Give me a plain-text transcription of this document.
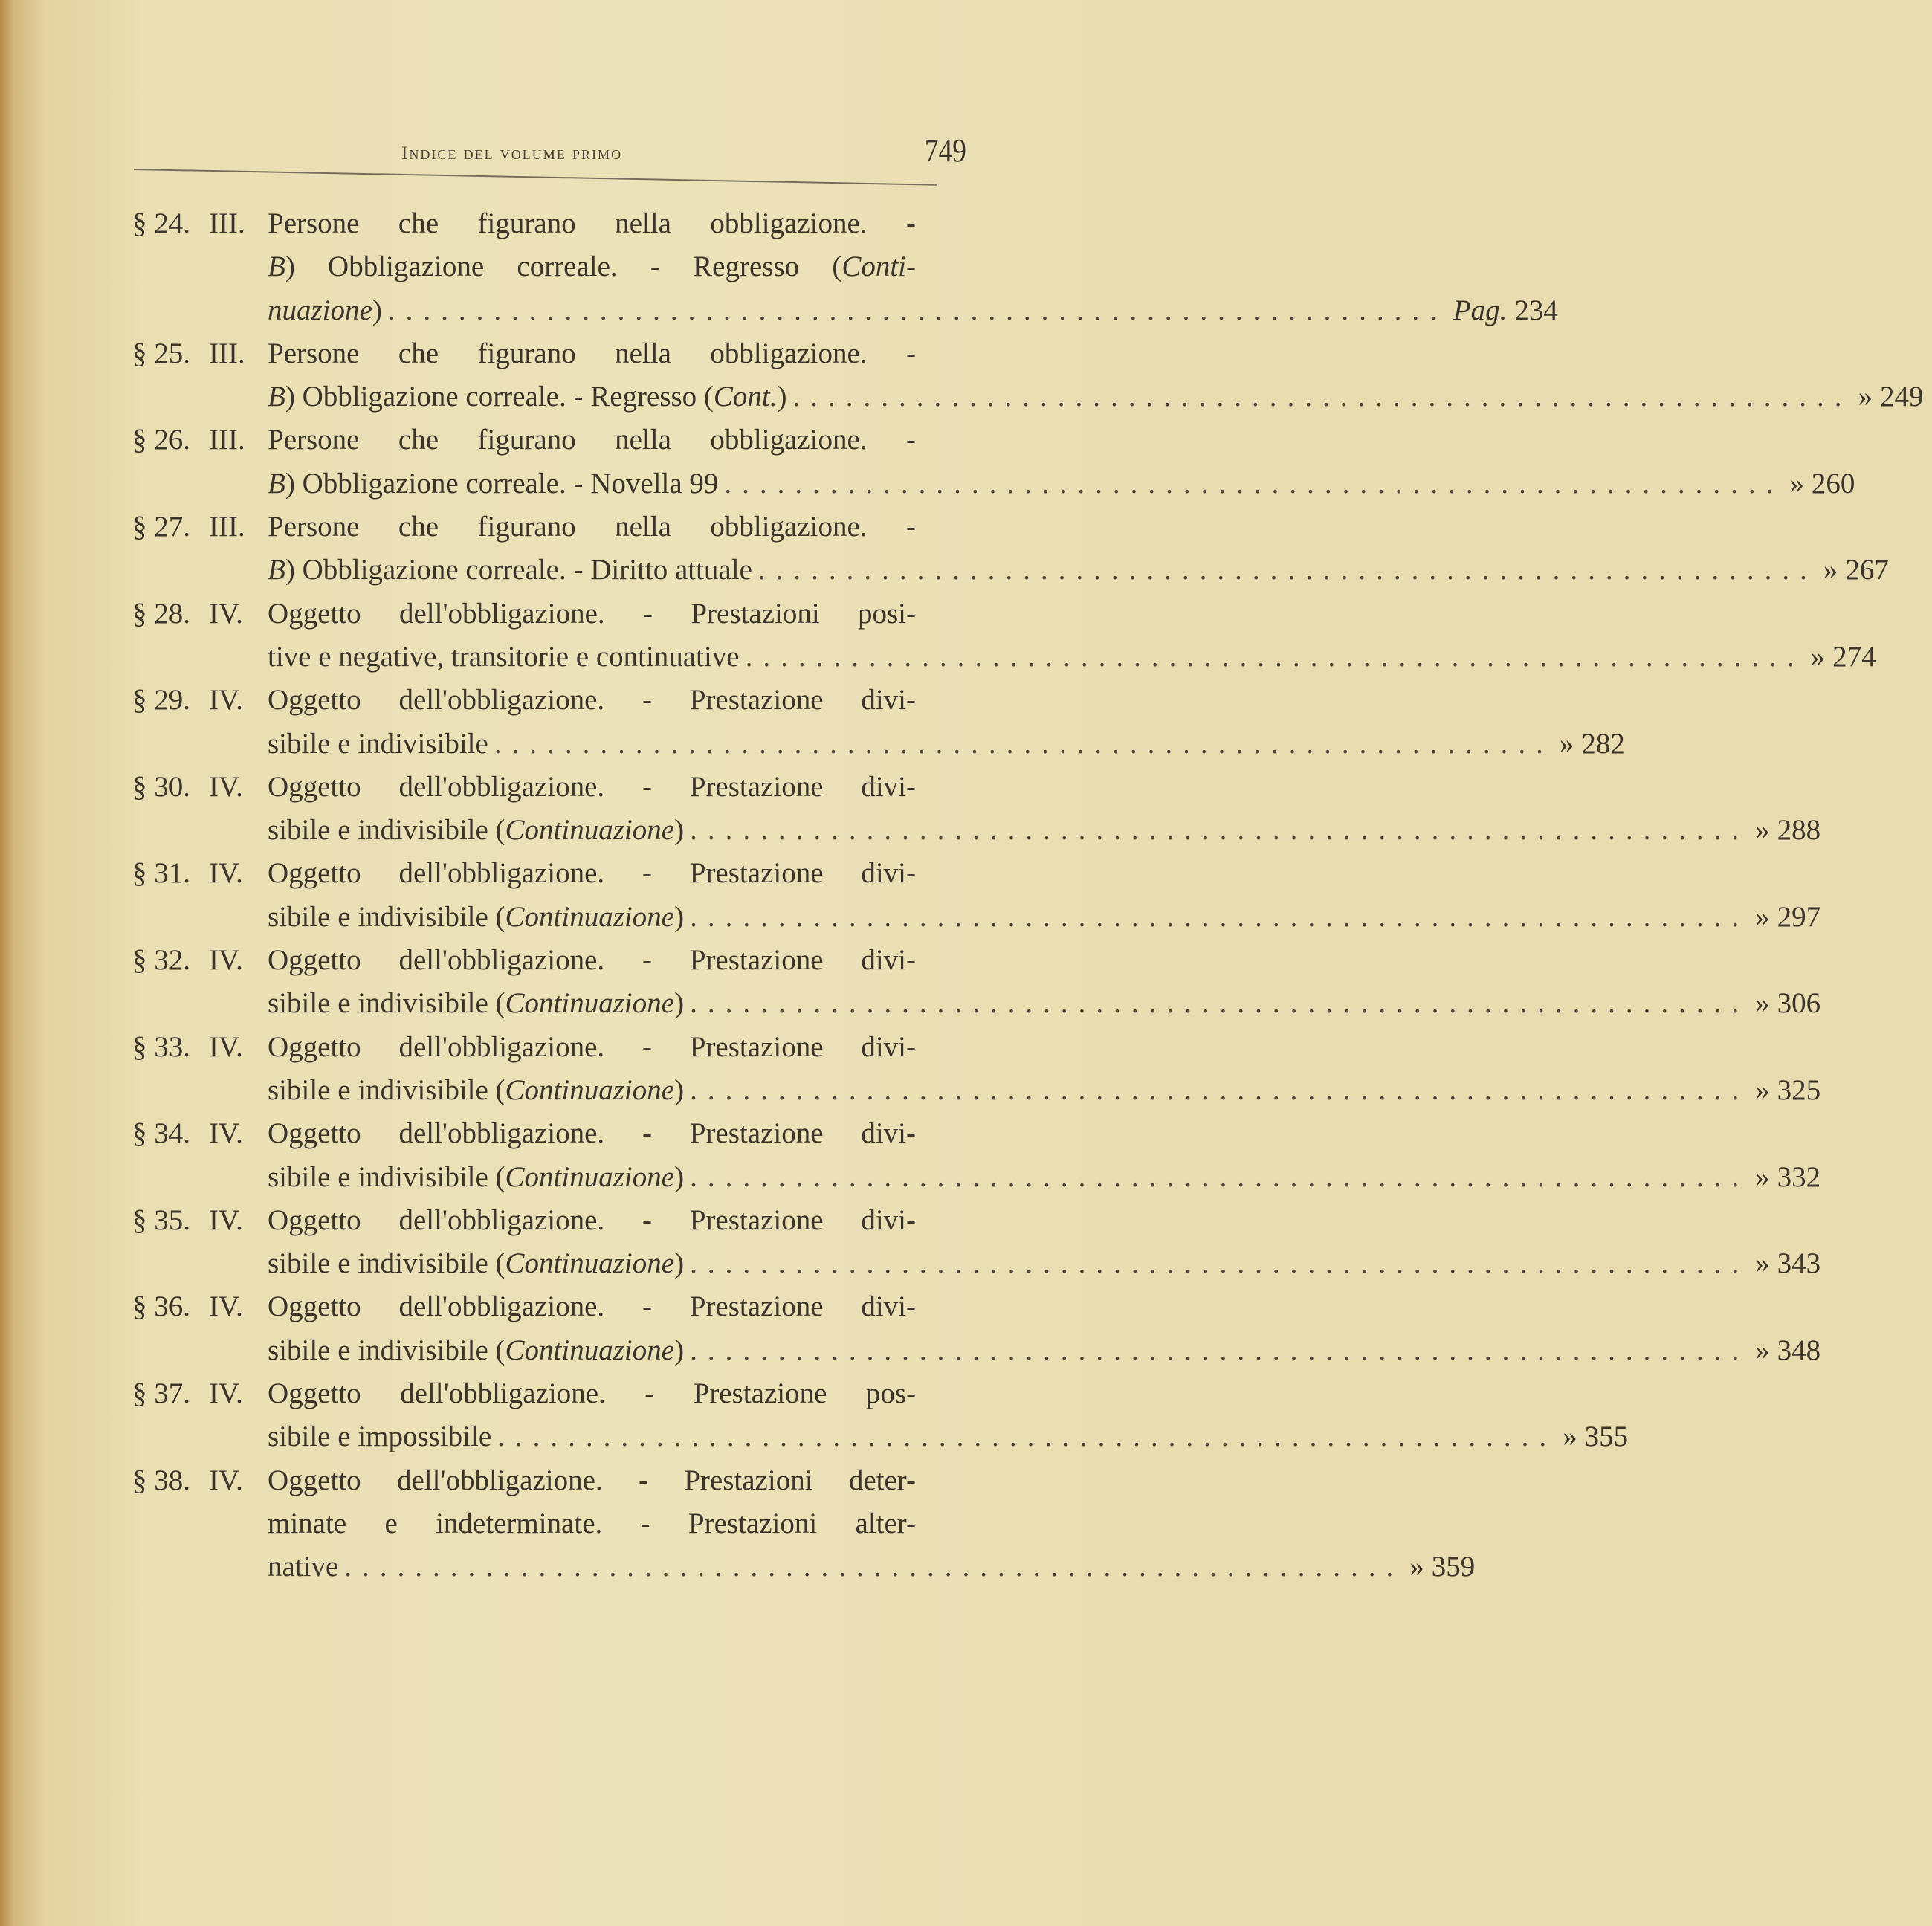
Indice del volume primo	749
§ 24. III. Persone che figurano nella obbligazione. -
B) Obbligazione correale. - Regresso (Conti-
nuazione) ............................................................ Pag. 234
§ 25. III. Persone che figurano nella obbligazione. -
B) Obbligazione correale. - Regresso (Cont.) ............................................................ » 249
§ 26. III. Persone che figurano nella obbligazione. -
B) Obbligazione correale. - Novella 99 ............................................................ » 260
§ 27. III. Persone che figurano nella obbligazione. -
B) Obbligazione correale. - Diritto attuale ............................................................ » 267
§ 28. IV. Oggetto dell'obbligazione. - Prestazioni posi-
tive e negative, transitorie e continuative ............................................................ » 274
§ 29. IV. Oggetto dell'obbligazione. - Prestazione divi-
sibile e indivisibile ............................................................ » 282
§ 30. IV. Oggetto dell'obbligazione. - Prestazione divi-
sibile e indivisibile (Continuazione) ............................................................ » 288
§ 31. IV. Oggetto dell'obbligazione. - Prestazione divi-
sibile e indivisibile (Continuazione) ............................................................ » 297
§ 32. IV. Oggetto dell'obbligazione. - Prestazione divi-
sibile e indivisibile (Continuazione) ............................................................ » 306
§ 33. IV. Oggetto dell'obbligazione. - Prestazione divi-
sibile e indivisibile (Continuazione) ............................................................ » 325
§ 34. IV. Oggetto dell'obbligazione. - Prestazione divi-
sibile e indivisibile (Continuazione) ............................................................ » 332
§ 35. IV. Oggetto dell'obbligazione. - Prestazione divi-
sibile e indivisibile (Continuazione) ............................................................ » 343
§ 36. IV. Oggetto dell'obbligazione. - Prestazione divi-
sibile e indivisibile (Continuazione) ............................................................ » 348
§ 37. IV. Oggetto dell'obbligazione. - Prestazione pos-
sibile e impossibile ............................................................ » 355
§ 38. IV. Oggetto dell'obbligazione. - Prestazioni deter-
minate e indeterminate. - Prestazioni alter-
native ............................................................ » 359
